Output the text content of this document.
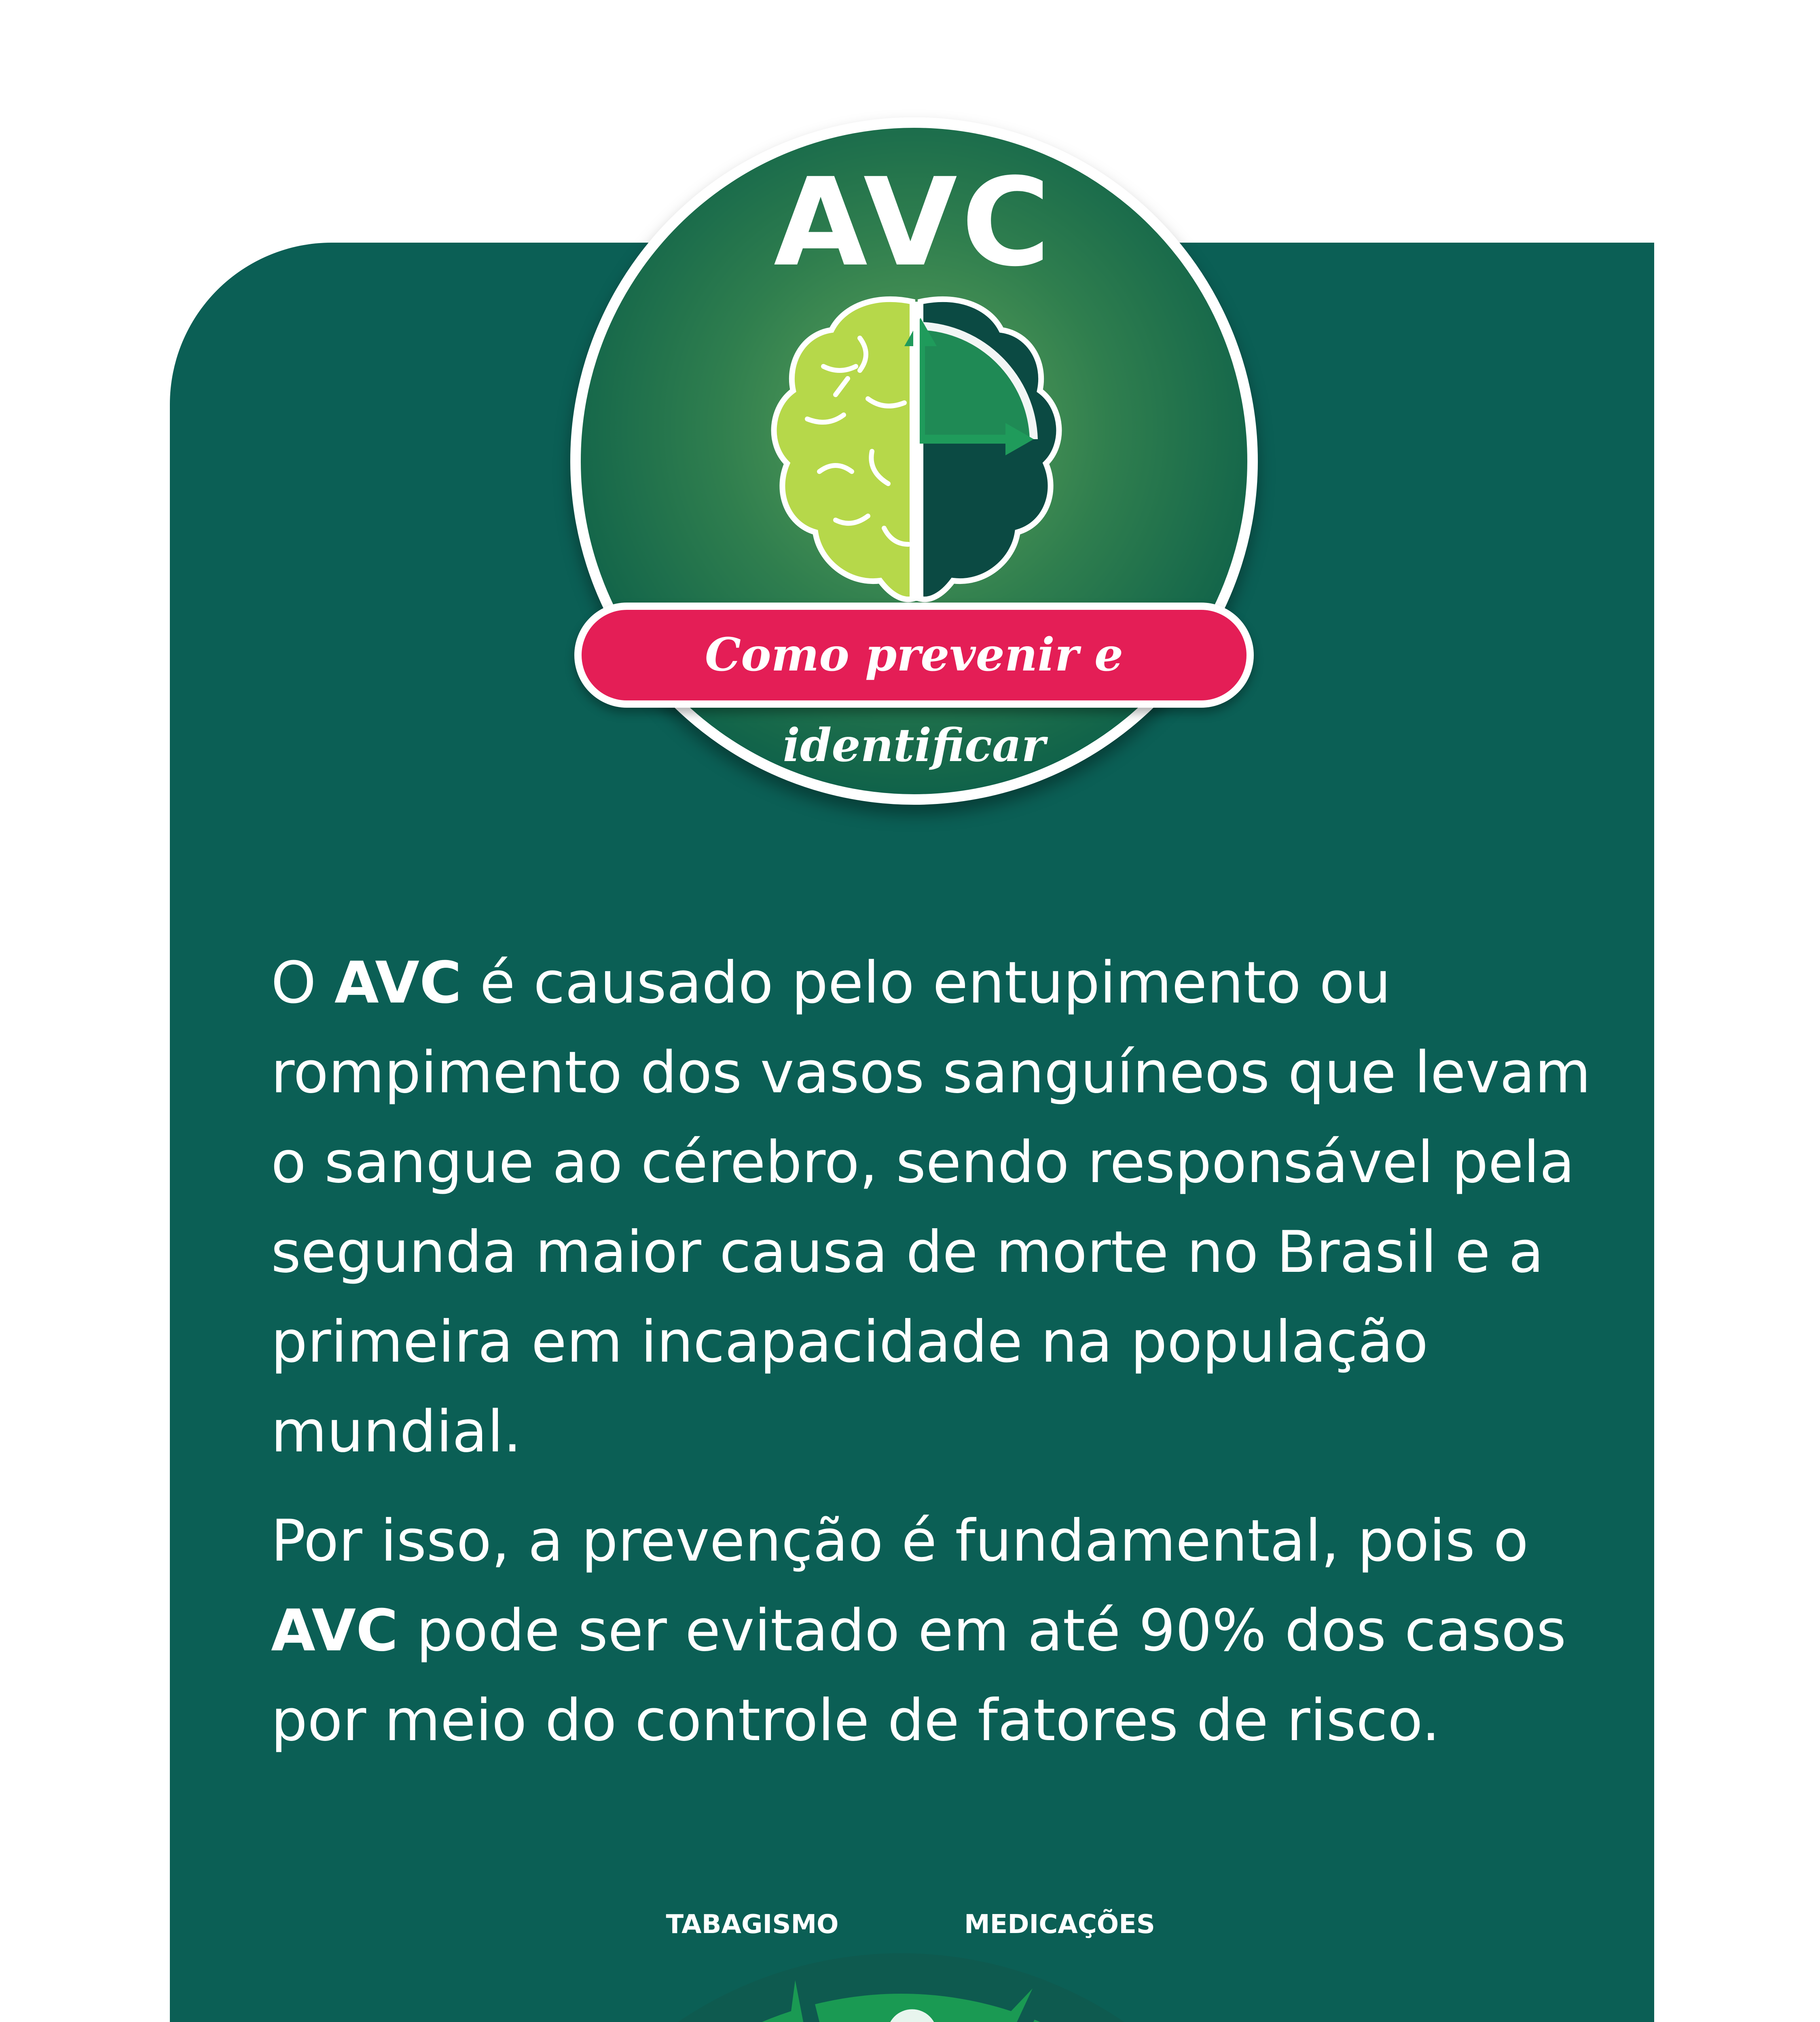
AVC
Como prevenir e identificar
O AVC é causado pelo entupimento ou rompimento dos vasos sanguíneos que levam o sangue ao cérebro, sendo responsável pela segunda maior causa de morte no Brasil e a primeira em incapacidade na população mundial.
Por isso, a prevenção é fundamental, pois o AVC pode ser evitado em até 90% dos casos por meio do controle de fatores de risco.
TABAGISMO	MEDICAÇÕES
